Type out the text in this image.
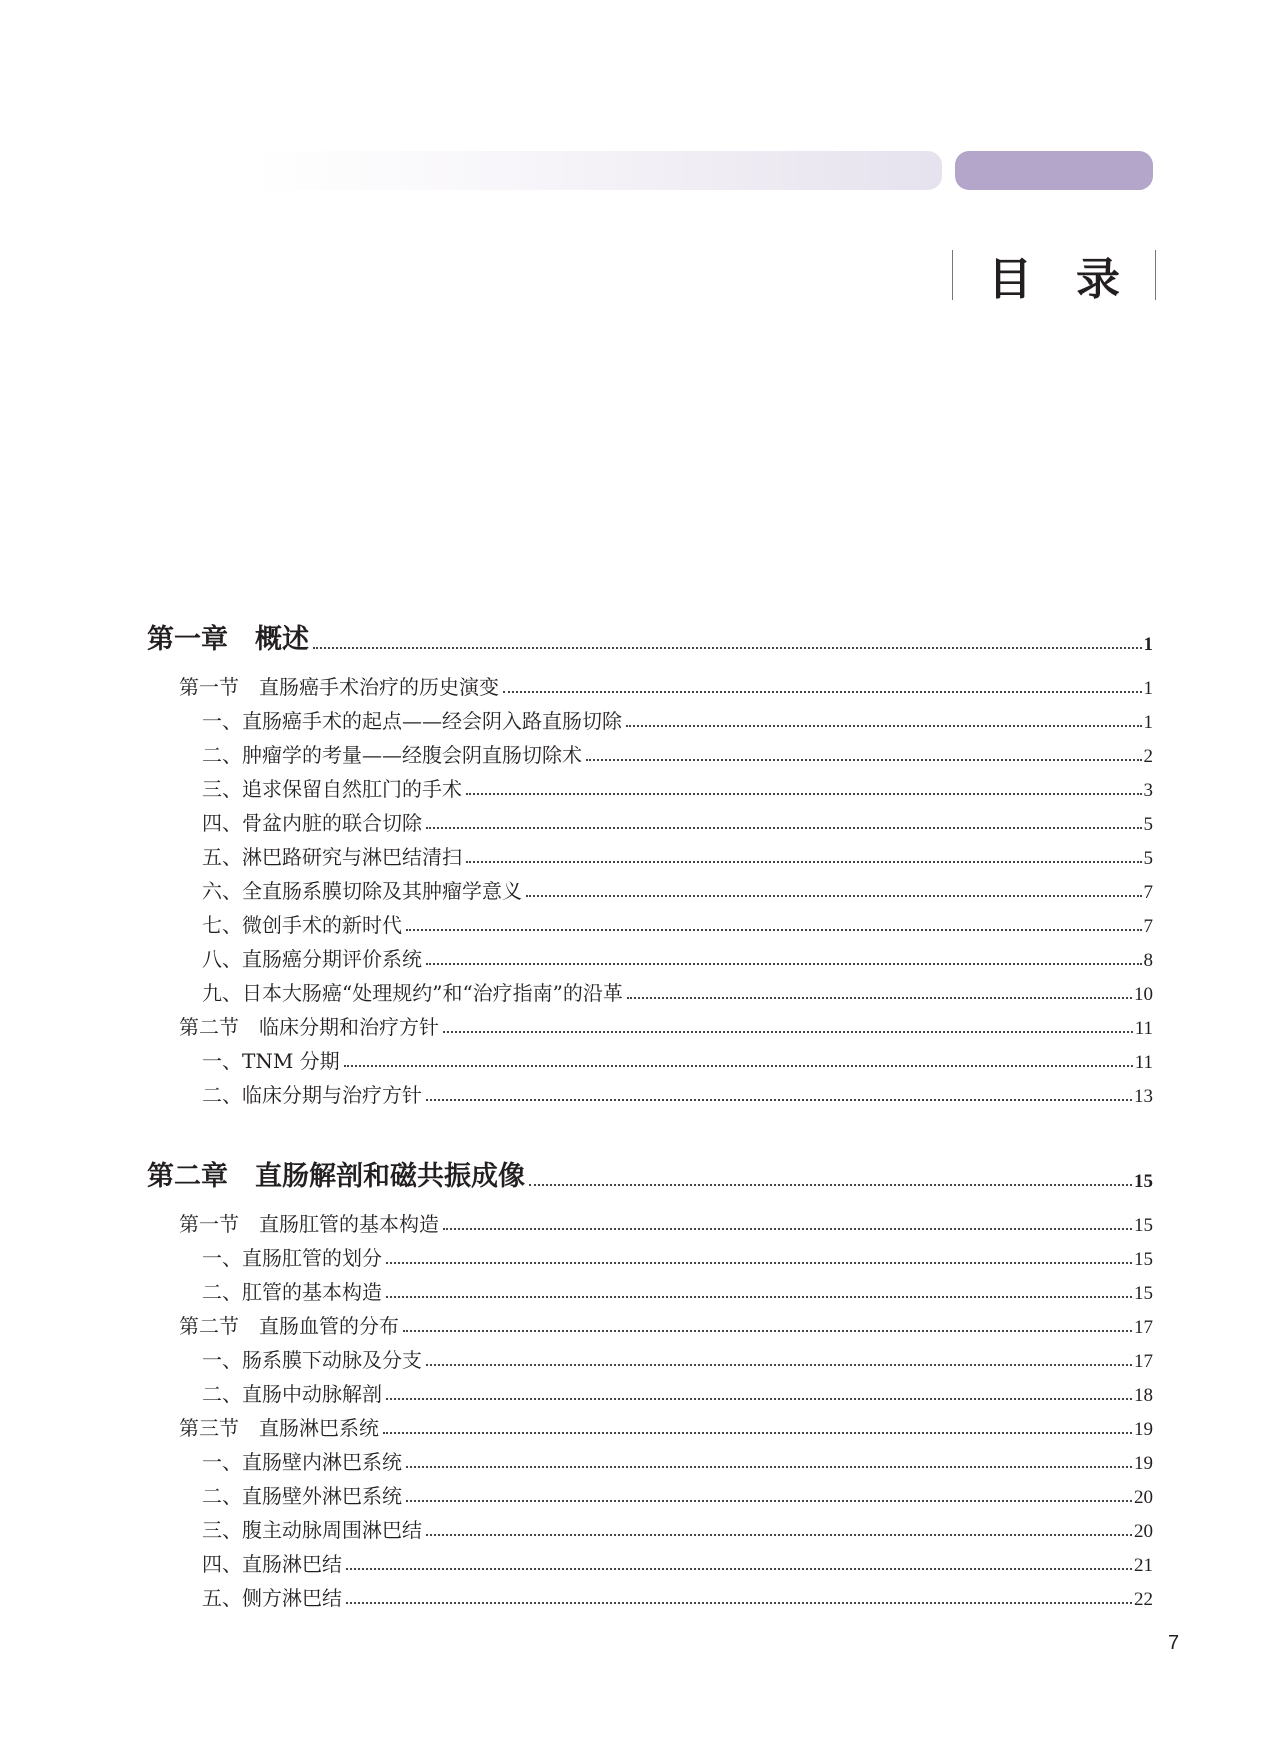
目　录
第一章　概述	1
第一节　直肠癌手术治疗的历史演变	1
一、直肠癌手术的起点——经会阴入路直肠切除	1
二、肿瘤学的考量——经腹会阴直肠切除术	2
三、追求保留自然肛门的手术	3
四、骨盆内脏的联合切除	5
五、淋巴路研究与淋巴结清扫	5
六、全直肠系膜切除及其肿瘤学意义	7
七、微创手术的新时代	7
八、直肠癌分期评价系统	8
九、日本大肠癌“处理规约”和“治疗指南”的沿革	10
第二节　临床分期和治疗方针	11
一、TNM 分期	11
二、临床分期与治疗方针	13
第二章　直肠解剖和磁共振成像	15
第一节　直肠肛管的基本构造	15
一、直肠肛管的划分	15
二、肛管的基本构造	15
第二节　直肠血管的分布	17
一、肠系膜下动脉及分支	17
二、直肠中动脉解剖	18
第三节　直肠淋巴系统	19
一、直肠壁内淋巴系统	19
二、直肠壁外淋巴系统	20
三、腹主动脉周围淋巴结	20
四、直肠淋巴结	21
五、侧方淋巴结	22
7
